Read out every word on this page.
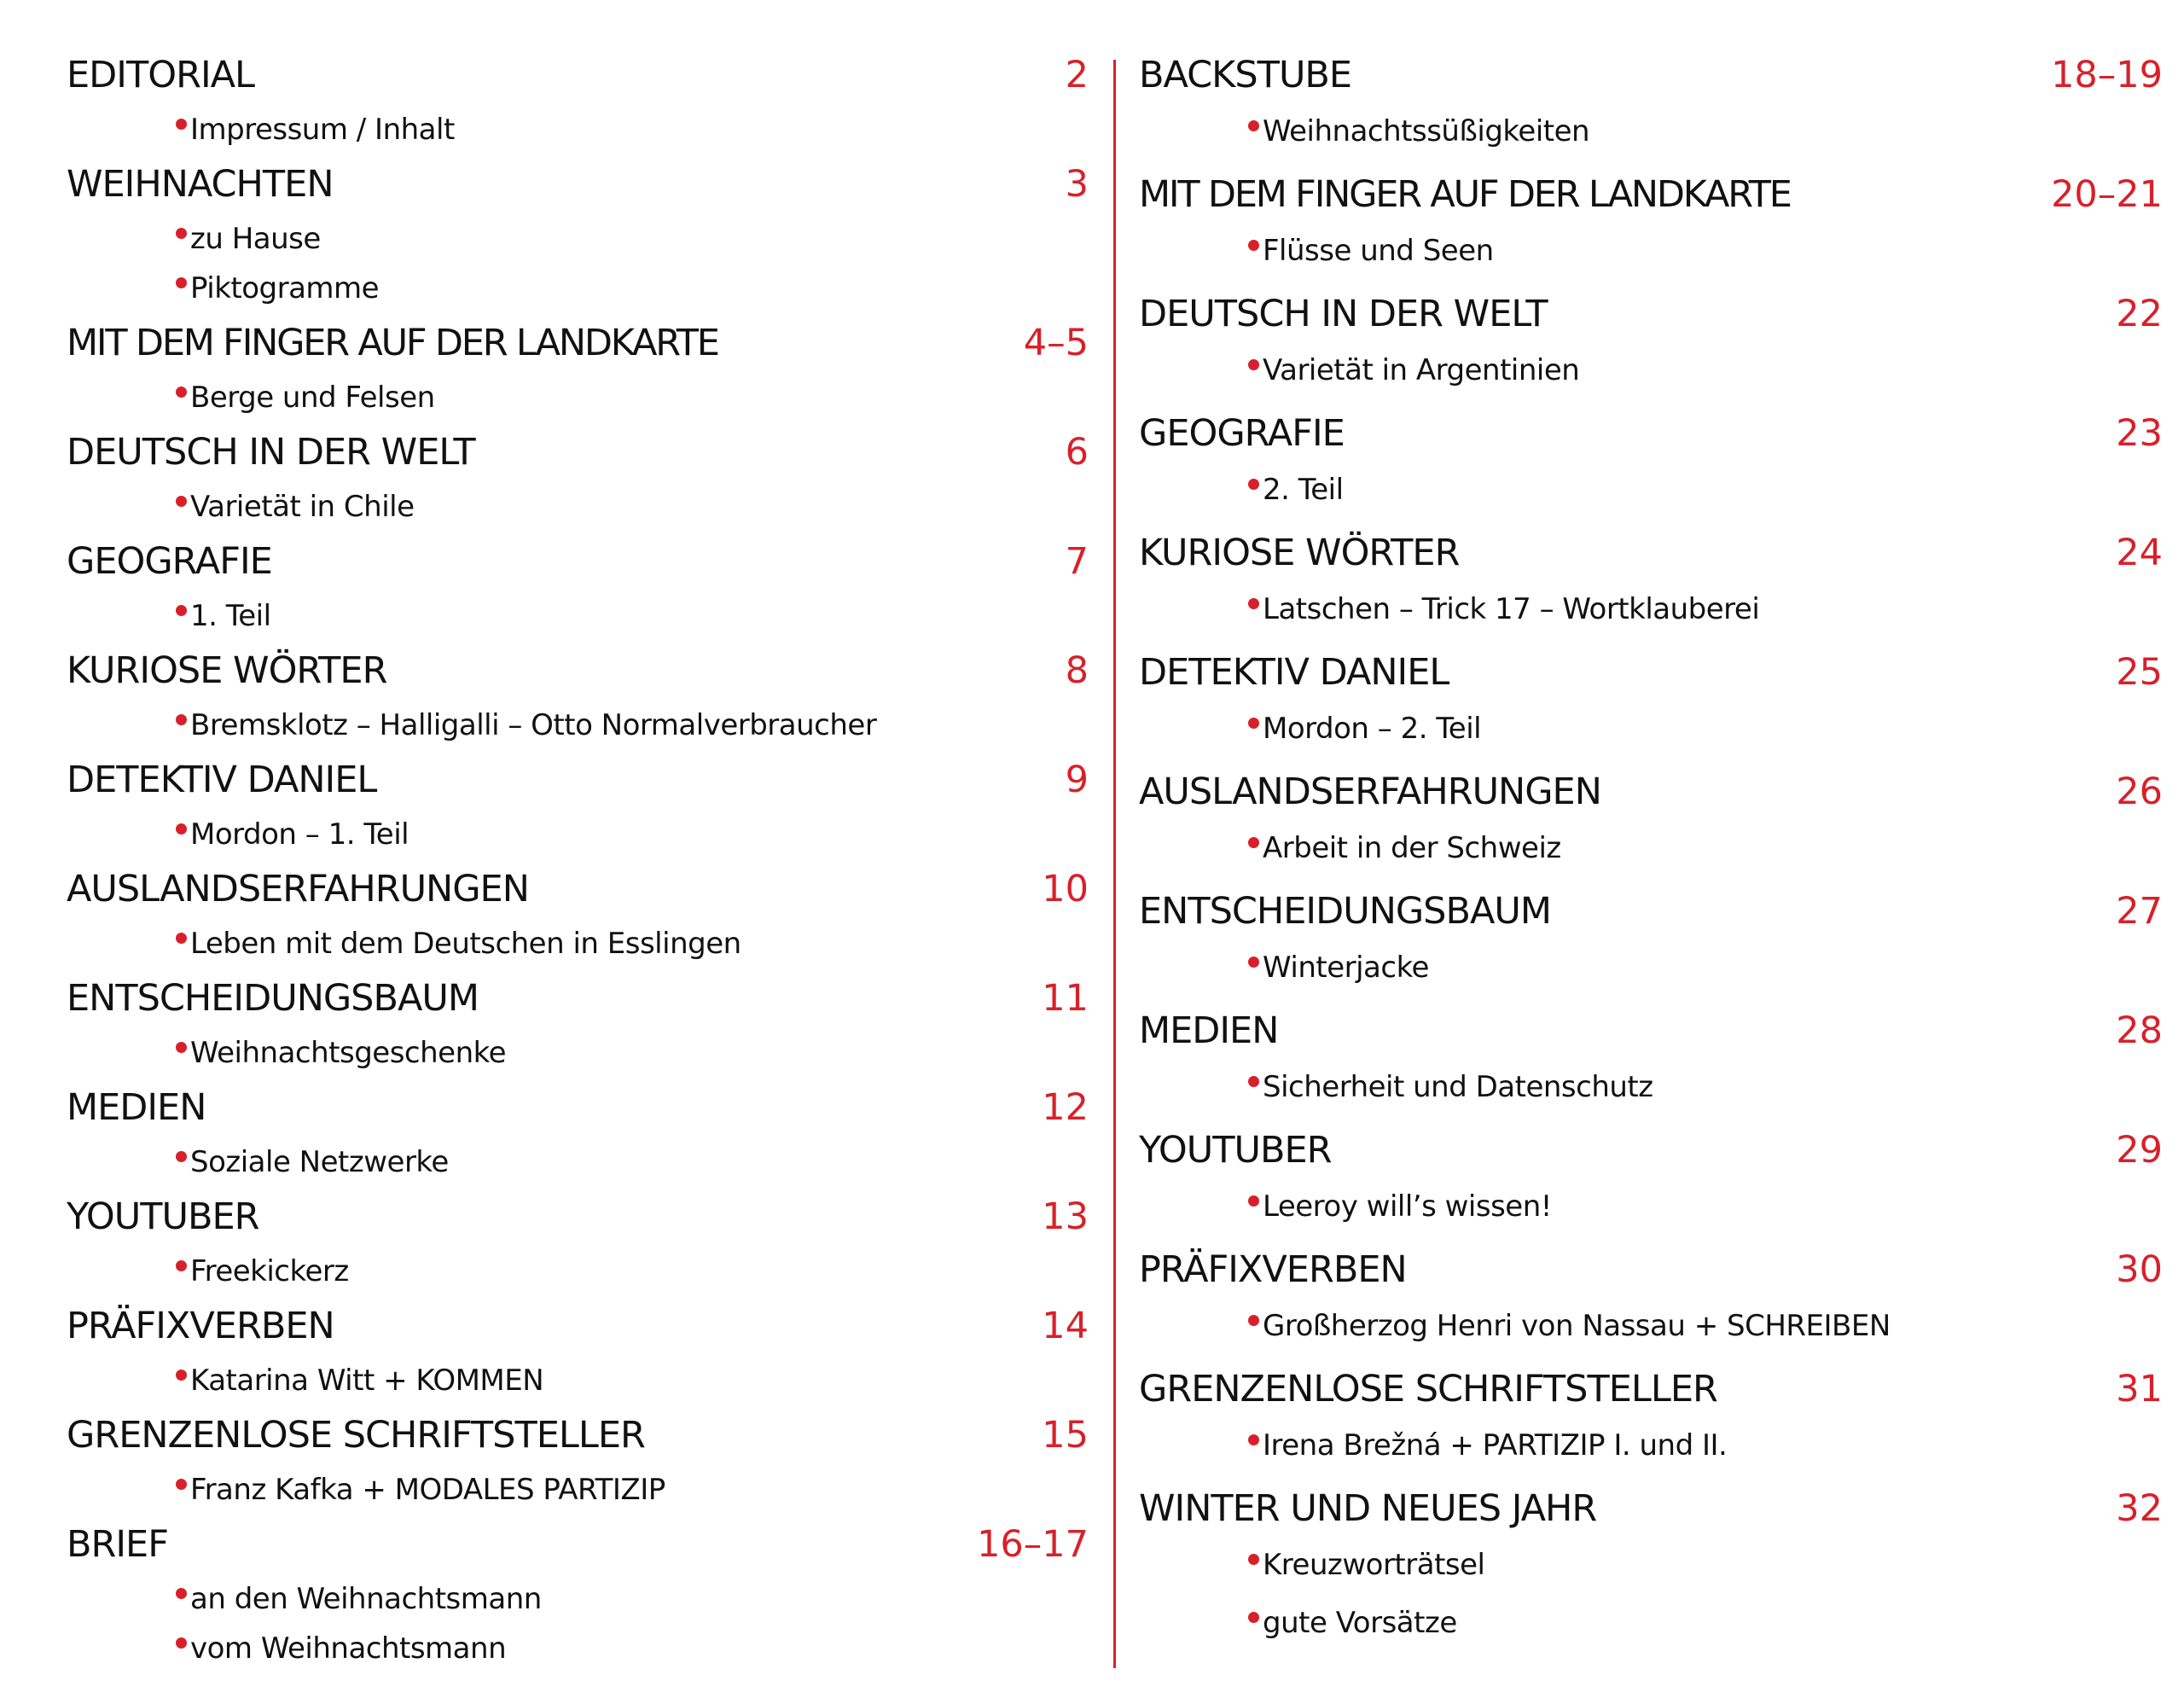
EDITORIAL	2
Impressum / Inhalt
WEIHNACHTEN	3
zu Hause
Piktogramme
MIT DEM FINGER AUF DER LANDKARTE	4–5
Berge und Felsen
DEUTSCH IN DER WELT	6
Varietät in Chile
GEOGRAFIE	7
1. Teil
KURIOSE WÖRTER	8
Bremsklotz – Halligalli – Otto Normalverbraucher
DETEKTIV DANIEL	9
Mordon – 1. Teil
AUSLANDSERFAHRUNGEN	10
Leben mit dem Deutschen in Esslingen
ENTSCHEIDUNGSBAUM	11
Weihnachtsgeschenke
MEDIEN	12
Soziale Netzwerke
YOUTUBER	13
Freekickerz
PRÄFIXVERBEN	14
Katarina Witt + KOMMEN
GRENZENLOSE SCHRIFTSTELLER	15
Franz Kafka + MODALES PARTIZIP
BRIEF	16–17
an den Weihnachtsmann
vom Weihnachtsmann
BACKSTUBE	18–19
Weihnachtssüßigkeiten
MIT DEM FINGER AUF DER LANDKARTE	20–21
Flüsse und Seen
DEUTSCH IN DER WELT	22
Varietät in Argentinien
GEOGRAFIE	23
2. Teil
KURIOSE WÖRTER	24
Latschen – Trick 17 – Wortklauberei
DETEKTIV DANIEL	25
Mordon – 2. Teil
AUSLANDSERFAHRUNGEN	26
Arbeit in der Schweiz
ENTSCHEIDUNGSBAUM	27
Winterjacke
MEDIEN	28
Sicherheit und Datenschutz
YOUTUBER	29
Leeroy will’s wissen!
PRÄFIXVERBEN	30
Großherzog Henri von Nassau + SCHREIBEN
GRENZENLOSE SCHRIFTSTELLER	31
Irena Brežná + PARTIZIP I. und II.
WINTER UND NEUES JAHR	32
Kreuzworträtsel
gute Vorsätze
